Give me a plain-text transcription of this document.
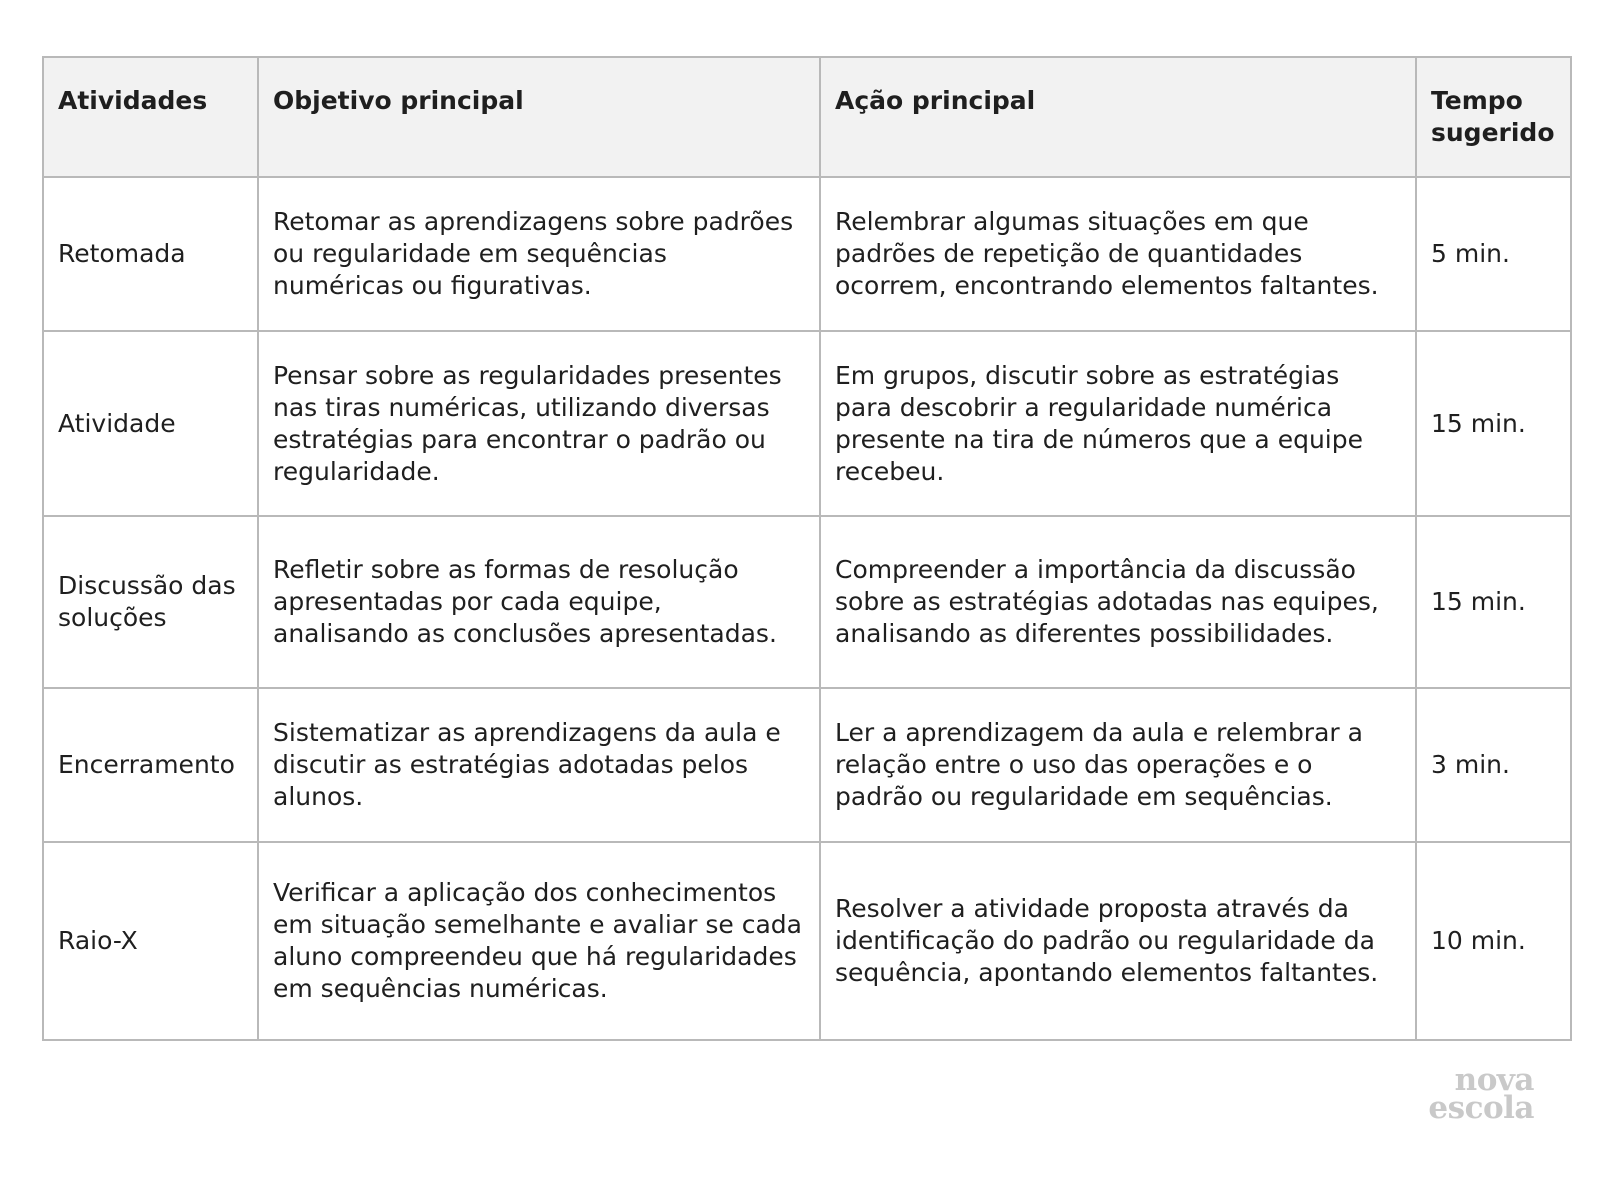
Atividades	Objetivo principal	Ação principal	Tempo sugerido
Retomada	Retomar as aprendizagens sobre padrões ou regularidade em sequências numéricas ou figurativas.	Relembrar algumas situações em que padrões de repetição de quantidades ocorrem, encontrando elementos faltantes.	5 min.
Atividade	Pensar sobre as regularidades presentes nas tiras numéricas, utilizando diversas estratégias para encontrar o padrão ou regularidade.	Em grupos, discutir sobre as estratégias para descobrir a regularidade numérica presente na tira de números que a equipe recebeu.	15 min.
Discussão das soluções	Refletir sobre as formas de resolução apresentadas por cada equipe, analisando as conclusões apresentadas.	Compreender a importância da discussão sobre as estratégias adotadas nas equipes, analisando as diferentes possibilidades.	15 min.
Encerramento	Sistematizar as aprendizagens da aula e discutir as estratégias adotadas pelos alunos.	Ler a aprendizagem da aula e relembrar a relação entre o uso das operações e o padrão ou regularidade em sequências.	3 min.
Raio-X	Verificar a aplicação dos conhecimentos em situação semelhante e avaliar se cada aluno compreendeu que há regularidades em sequências numéricas.	Resolver a atividade proposta através da identificação do padrão ou regularidade da sequência, apontando elementos faltantes.	10 min.
nova
escola
